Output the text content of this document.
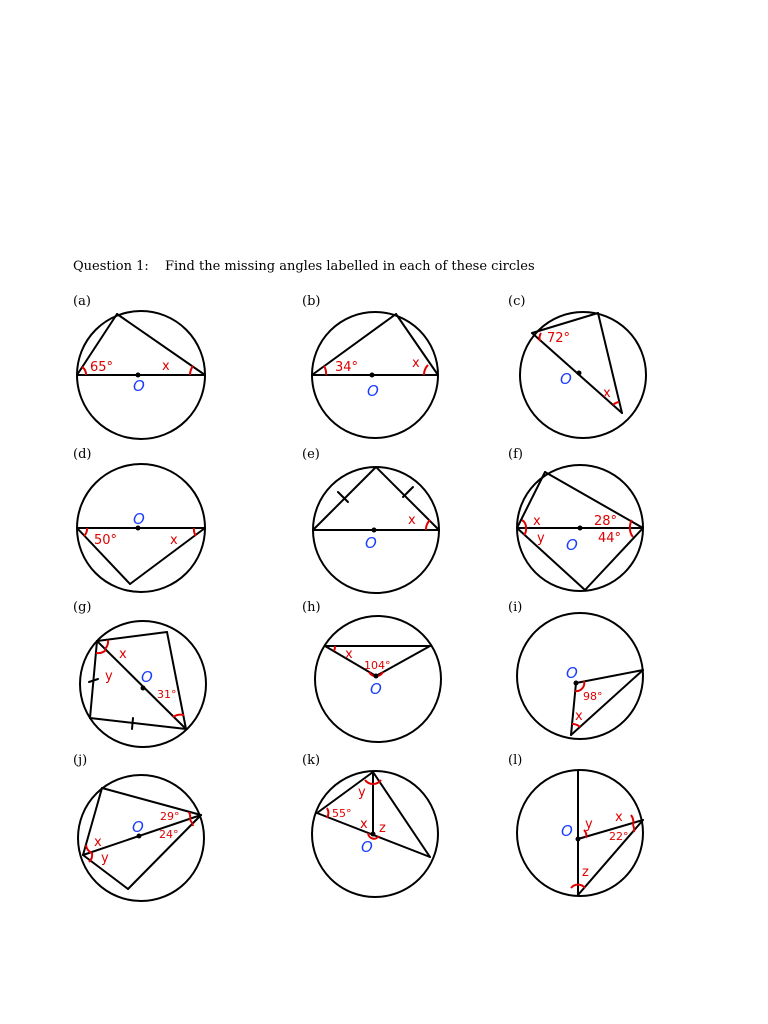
Question 1: Find the missing angles labelled in each of these circles
(a)
65°	x
O
(b)
34°	x
O
(c)
72°
x
O
(d)
50°	x
O
(e)
x
O
(f)
x
y
28°
44°
O
(g)
x
y
31°
O
(h)
x
104°
O
(i)
98°
x
O
(j)
29°
24°
x
y
O
(k)
y
55°
x z
O
(l)
y x
22°
z
O
